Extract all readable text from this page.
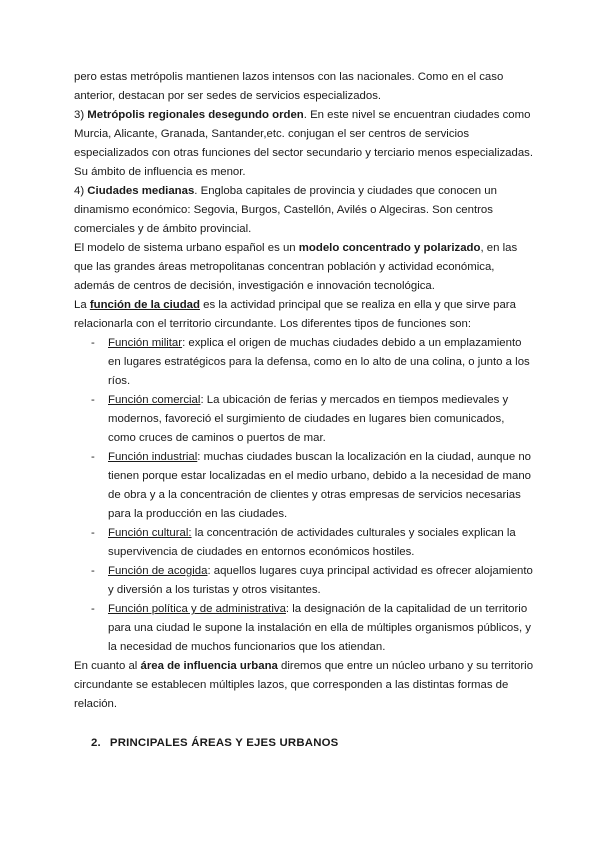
pero estas metrópolis mantienen lazos intensos con las nacionales. Como en el caso anterior, destacan por ser sedes de servicios especializados.

3) Metrópolis regionales desegundo orden. En este nivel se encuentran ciudades como Murcia, Alicante, Granada, Santander,etc. conjugan el ser centros de servicios especializados con otras funciones del sector secundario y terciario menos especializadas. Su ámbito de influencia es menor.

4) Ciudades medianas. Engloba capitales de provincia y ciudades que conocen un dinamismo económico: Segovia, Burgos, Castellón, Avilés o Algeciras. Son centros comerciales y de ámbito provincial.

El modelo de sistema urbano español es un modelo concentrado y polarizado, en las que las grandes áreas metropolitanas concentran población y actividad económica, además de centros de decisión, investigación e innovación tecnológica.

La función de la ciudad es la actividad principal que se realiza en ella y que sirve para relacionarla con el territorio circundante. Los diferentes tipos de funciones son:

- Función militar: explica el origen de muchas ciudades debido a un emplazamiento en lugares estratégicos para la defensa, como en lo alto de una colina, o junto a los ríos.
- Función comercial: La ubicación de ferias y mercados en tiempos medievales y modernos, favoreció el surgimiento de ciudades en lugares bien comunicados, como cruces de caminos o puertos de mar.
- Función industrial: muchas ciudades buscan la localización en la ciudad, aunque no tienen porque estar localizadas en el medio urbano, debido a la necesidad de mano de obra y a la concentración de clientes y otras empresas de servicios necesarias para la producción en las ciudades.
- Función cultural: la concentración de actividades culturales y sociales explican la supervivencia de ciudades en entornos económicos hostiles.
- Función de acogida: aquellos lugares cuya principal actividad es ofrecer alojamiento y diversión a los turistas y otros visitantes.
- Función política y de administrativa: la designación de la capitalidad de un territorio para una ciudad le supone la instalación en ella de múltiples organismos públicos, y la necesidad de muchos funcionarios que los atiendan.

En cuanto al área de influencia urbana diremos que entre un núcleo urbano y su territorio circundante se establecen múltiples lazos, que corresponden a las distintas formas de relación.

2. PRINCIPALES ÁREAS Y EJES URBANOS
